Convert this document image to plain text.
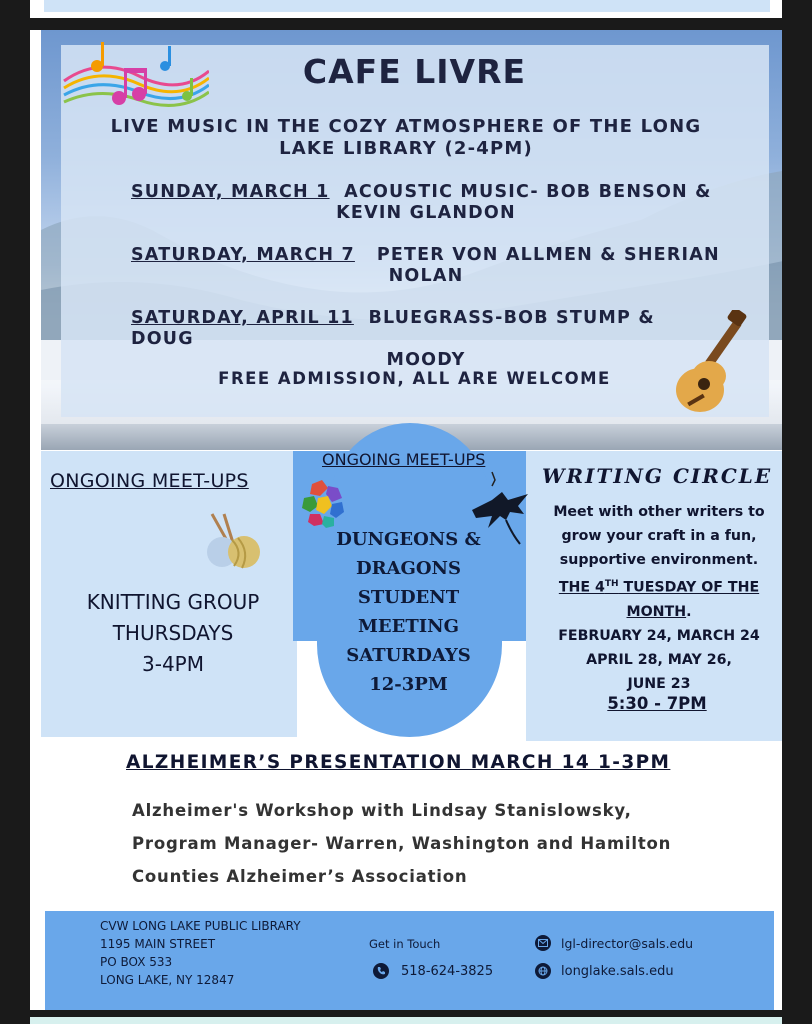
CAFE LIVRE
LIVE MUSIC IN THE COZY ATMOSPHERE OF THE LONG LAKE LIBRARY (2-4PM)
SUNDAY, MARCH 1 ACOUSTIC MUSIC- BOB BENSON &
KEVIN GLANDON
SATURDAY, MARCH 7 PETER VON ALLMEN & SHERIAN
NOLAN
SATURDAY, APRIL 11 BLUEGRASS-BOB STUMP & DOUG
MOODY
FREE ADMISSION, ALL ARE WELCOME
ONGOING MEET-UPS
KNITTING GROUP
THURSDAYS
3-4PM
ONGOING MEET-UPS
DUNGEONS &
DRAGONS
STUDENT
MEETING
SATURDAYS
12-3PM
WRITING CIRCLE
Meet with other writers to
grow your craft in a fun,
supportive environment.
THE 4TH TUESDAY OF THE
MONTH.
FEBRUARY 24, MARCH 24
APRIL 28, MAY 26,
JUNE 23
5:30 - 7PM
ALZHEIMER’S PRESENTATION MARCH 14 1-3PM
Alzheimer's Workshop with Lindsay Stanislowsky,
Program Manager- Warren, Washington and Hamilton
Counties Alzheimer’s Association
CVW LONG LAKE PUBLIC LIBRARY
1195 MAIN STREET
PO BOX 533
LONG LAKE, NY 12847
Get in Touch
518-624-3825
lgl-director@sals.edu
longlake.sals.edu
